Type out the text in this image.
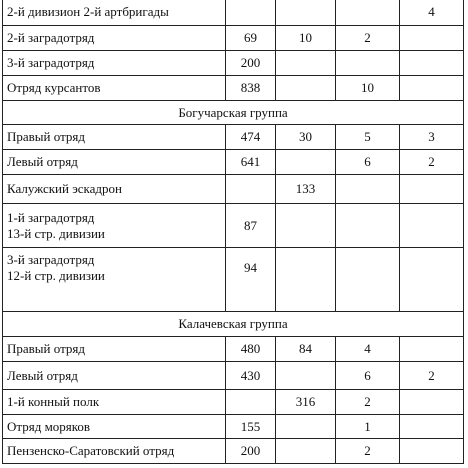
2-й дивизион 2-й артбригады				4
2-й заградотряд	69	10	2	
3-й заградотряд	200			
Отряд курсантов	838		10	
Богучарская группа				
Правый отряд	474	30	5	3
Левый отряд	641		6	2
Калужский эскадрон		133		

1-й заградотряд
13-й стр. дивизии	87			

3-й заградотряд
12-й стр. дивизии	94			
Калачевская группа				
Правый отряд	480	84	4	
Левый отряд	430		6	2
1-й конный полк		316	2	
Отряд моряков	155		1	
Пензенско-Саратовский отряд	200		2	
